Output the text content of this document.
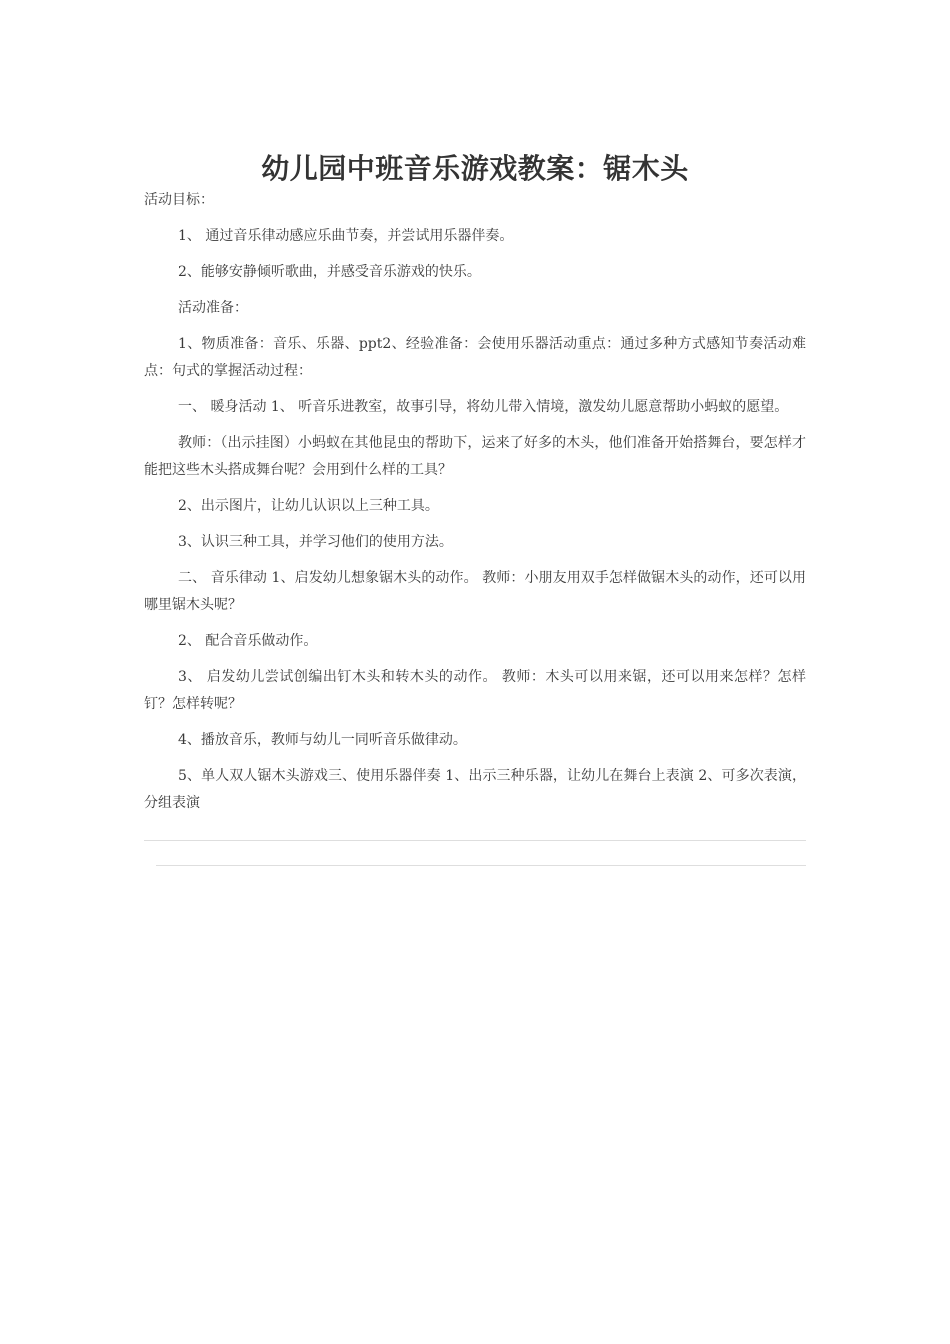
幼儿园中班音乐游戏教案：锯木头

活动目标：

1、 通过音乐律动感应乐曲节奏，并尝试用乐器伴奏。

2、能够安静倾听歌曲，并感受音乐游戏的快乐。

活动准备：

1、物质准备：音乐、乐器、ppt2、经验准备：会使用乐器活动重点：通过多种方式感知节奏活动难点：句式的掌握活动过程：

一、 暖身活动 1、 听音乐进教室，故事引导，将幼儿带入情境，激发幼儿愿意帮助小蚂蚁的愿望。

教师：（出示挂图）小蚂蚁在其他昆虫的帮助下，运来了好多的木头，他们准备开始搭舞台，要怎样才能把这些木头搭成舞台呢？会用到什么样的工具？

2、出示图片，让幼儿认识以上三种工具。

3、认识三种工具，并学习他们的使用方法。

二、 音乐律动 1、启发幼儿想象锯木头的动作。 教师：小朋友用双手怎样做锯木头的动作，还可以用哪里锯木头呢？

2、 配合音乐做动作。

3、 启发幼儿尝试创编出钉木头和转木头的动作。 教师：木头可以用来锯，还可以用来怎样？怎样钉？怎样转呢？

4、播放音乐，教师与幼儿一同听音乐做律动。

5、单人双人锯木头游戏三、使用乐器伴奏 1、出示三种乐器，让幼儿在舞台上表演 2、可多次表演，分组表演
